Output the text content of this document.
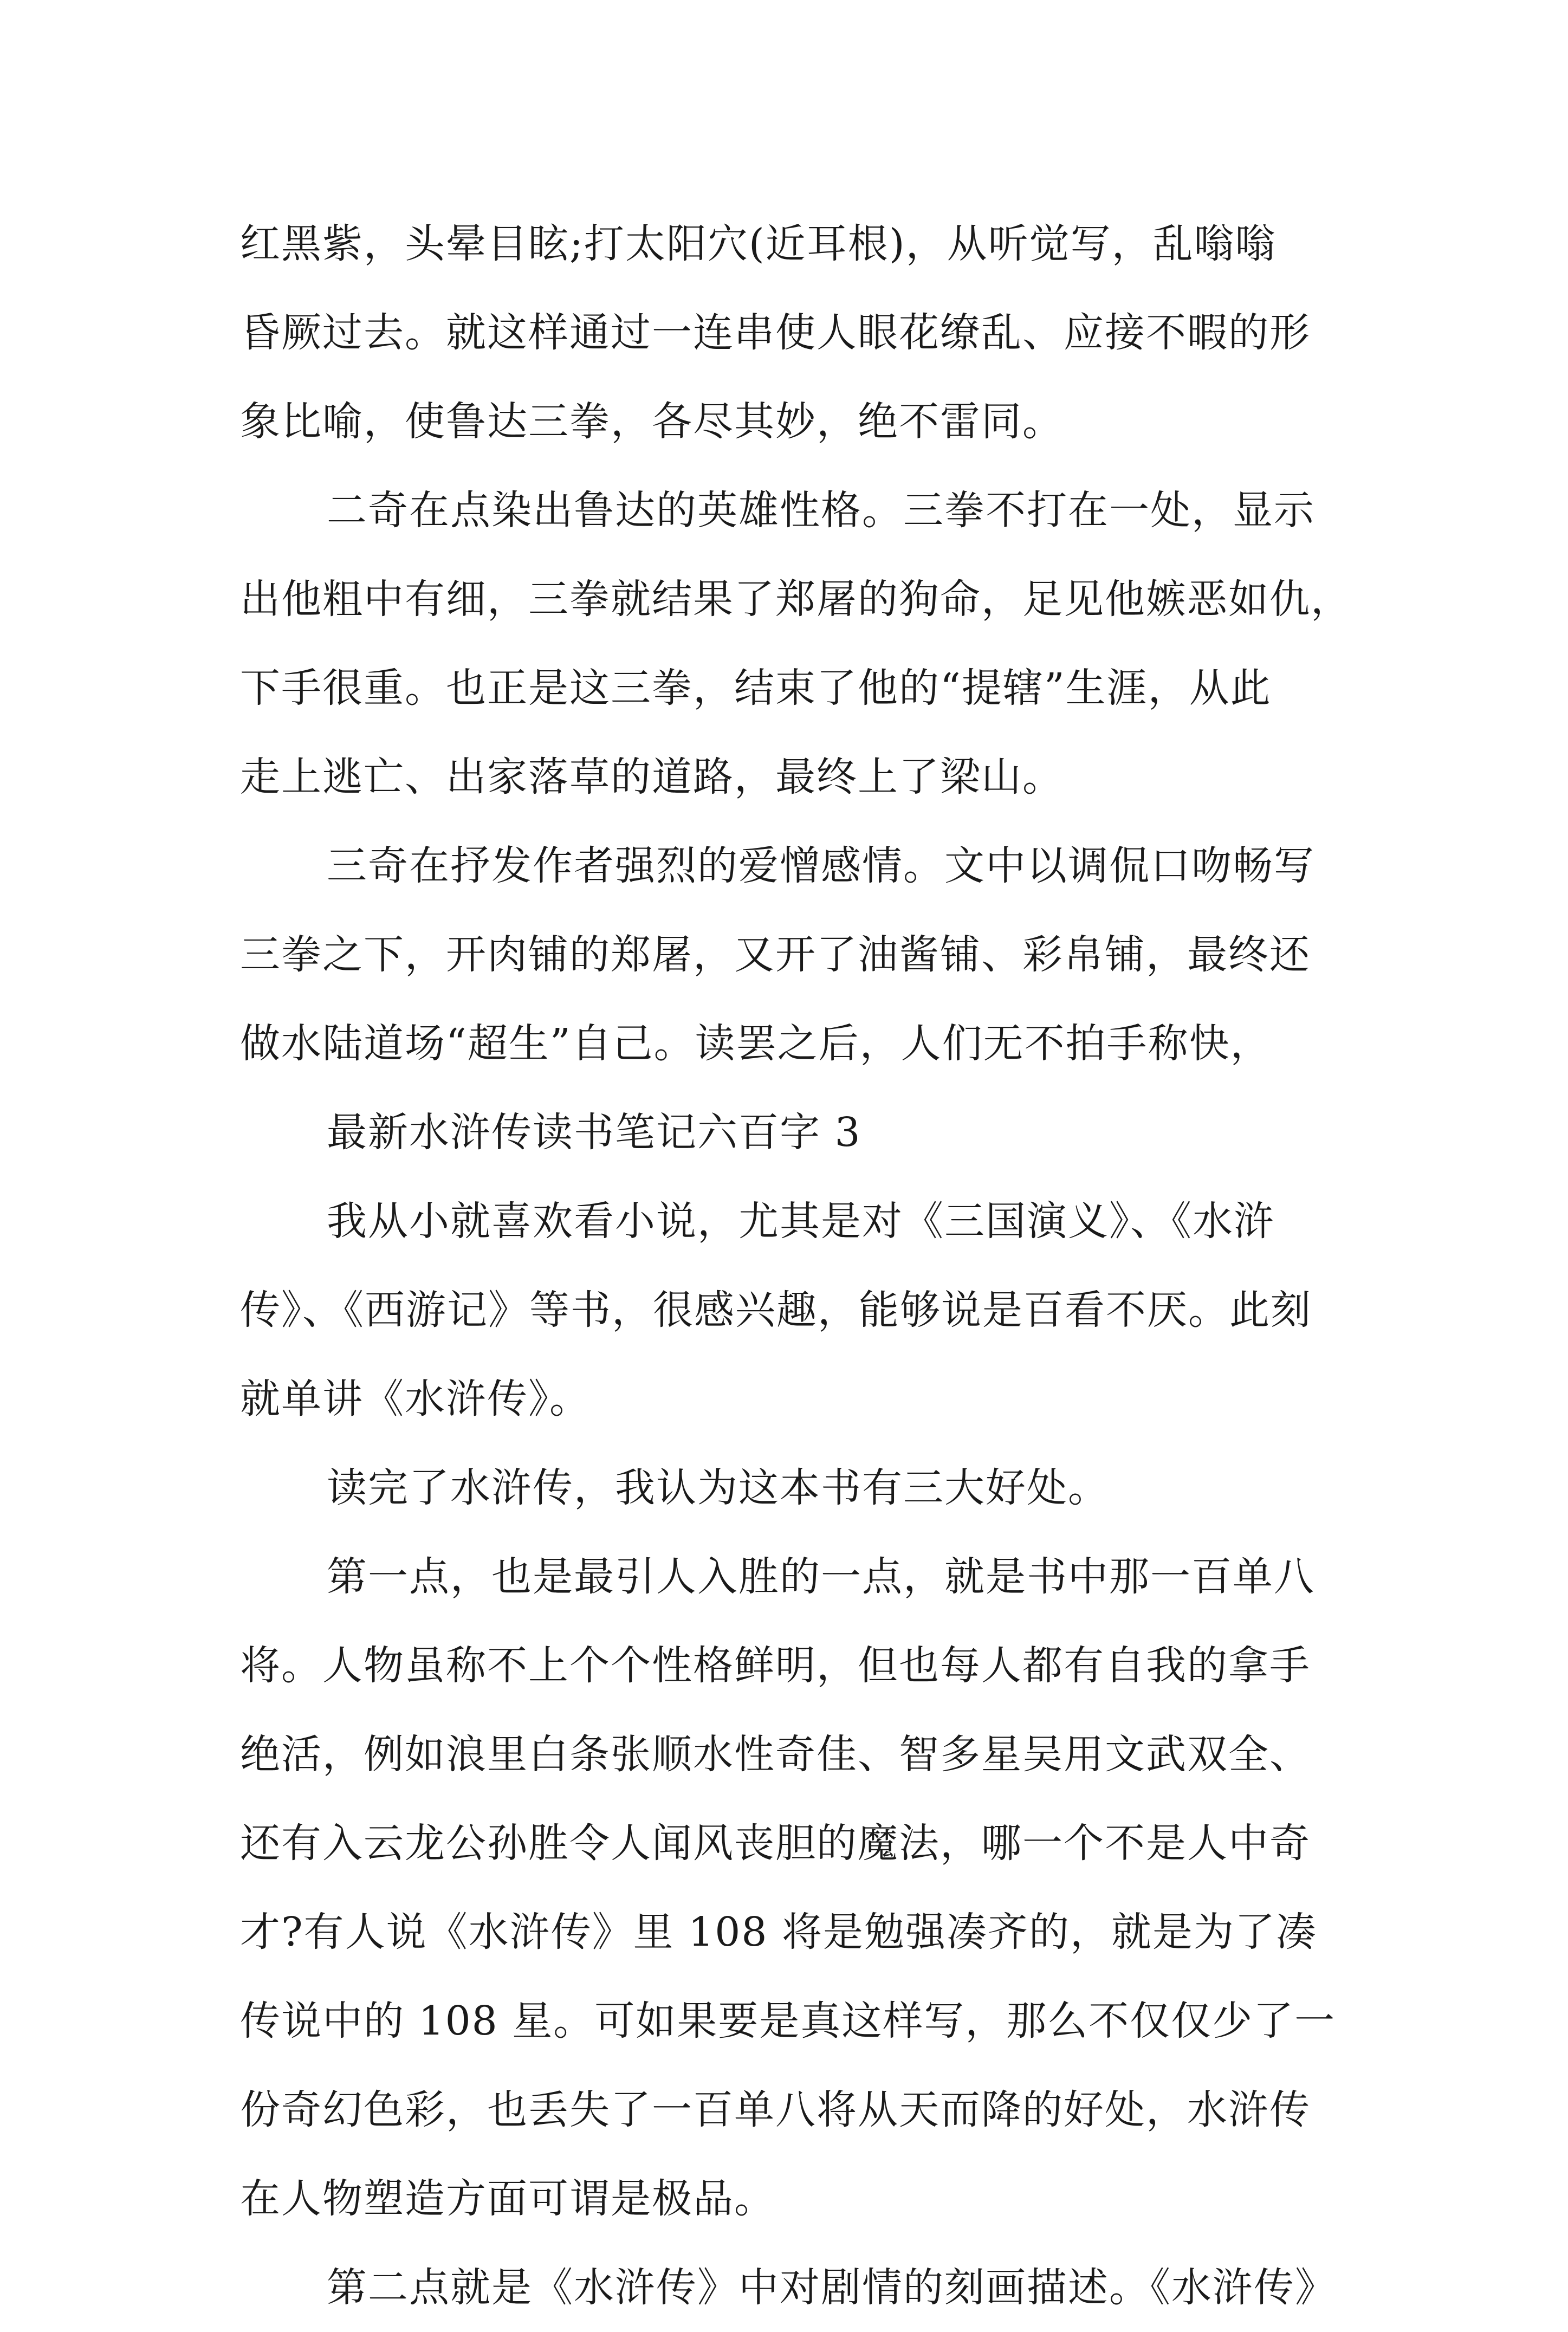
红黑紫，头晕目眩;打太阳穴(近耳根)，从听觉写，乱嗡嗡
昏厥过去。就这样通过一连串使人眼花缭乱、应接不暇的形
象比喻，使鲁达三拳，各尽其妙，绝不雷同。
二奇在点染出鲁达的英雄性格。三拳不打在一处，显示
出他粗中有细，三拳就结果了郑屠的狗命，足见他嫉恶如仇，
下手很重。也正是这三拳，结束了他的“提辖”生涯，从此
走上逃亡、出家落草的道路，最终上了梁山。
三奇在抒发作者强烈的爱憎感情。文中以调侃口吻畅写
三拳之下，开肉铺的郑屠，又开了油酱铺、彩帛铺，最终还
做水陆道场“超生”自己。读罢之后，人们无不拍手称快，
最新水浒传读书笔记六百字 3
我从小就喜欢看小说，尤其是对《三国演义》、《水浒
传》、《西游记》等书，很感兴趣，能够说是百看不厌。此刻
就单讲《水浒传》。
读完了水浒传，我认为这本书有三大好处。
第一点，也是最引人入胜的一点，就是书中那一百单八
将。人物虽称不上个个性格鲜明，但也每人都有自我的拿手
绝活，例如浪里白条张顺水性奇佳、智多星吴用文武双全、
还有入云龙公孙胜令人闻风丧胆的魔法，哪一个不是人中奇
才?有人说《水浒传》里 108 将是勉强凑齐的，就是为了凑
传说中的 108 星。可如果要是真这样写，那么不仅仅少了一
份奇幻色彩，也丢失了一百单八将从天而降的好处，水浒传
在人物塑造方面可谓是极品。
第二点就是《水浒传》中对剧情的刻画描述。《水浒传》
